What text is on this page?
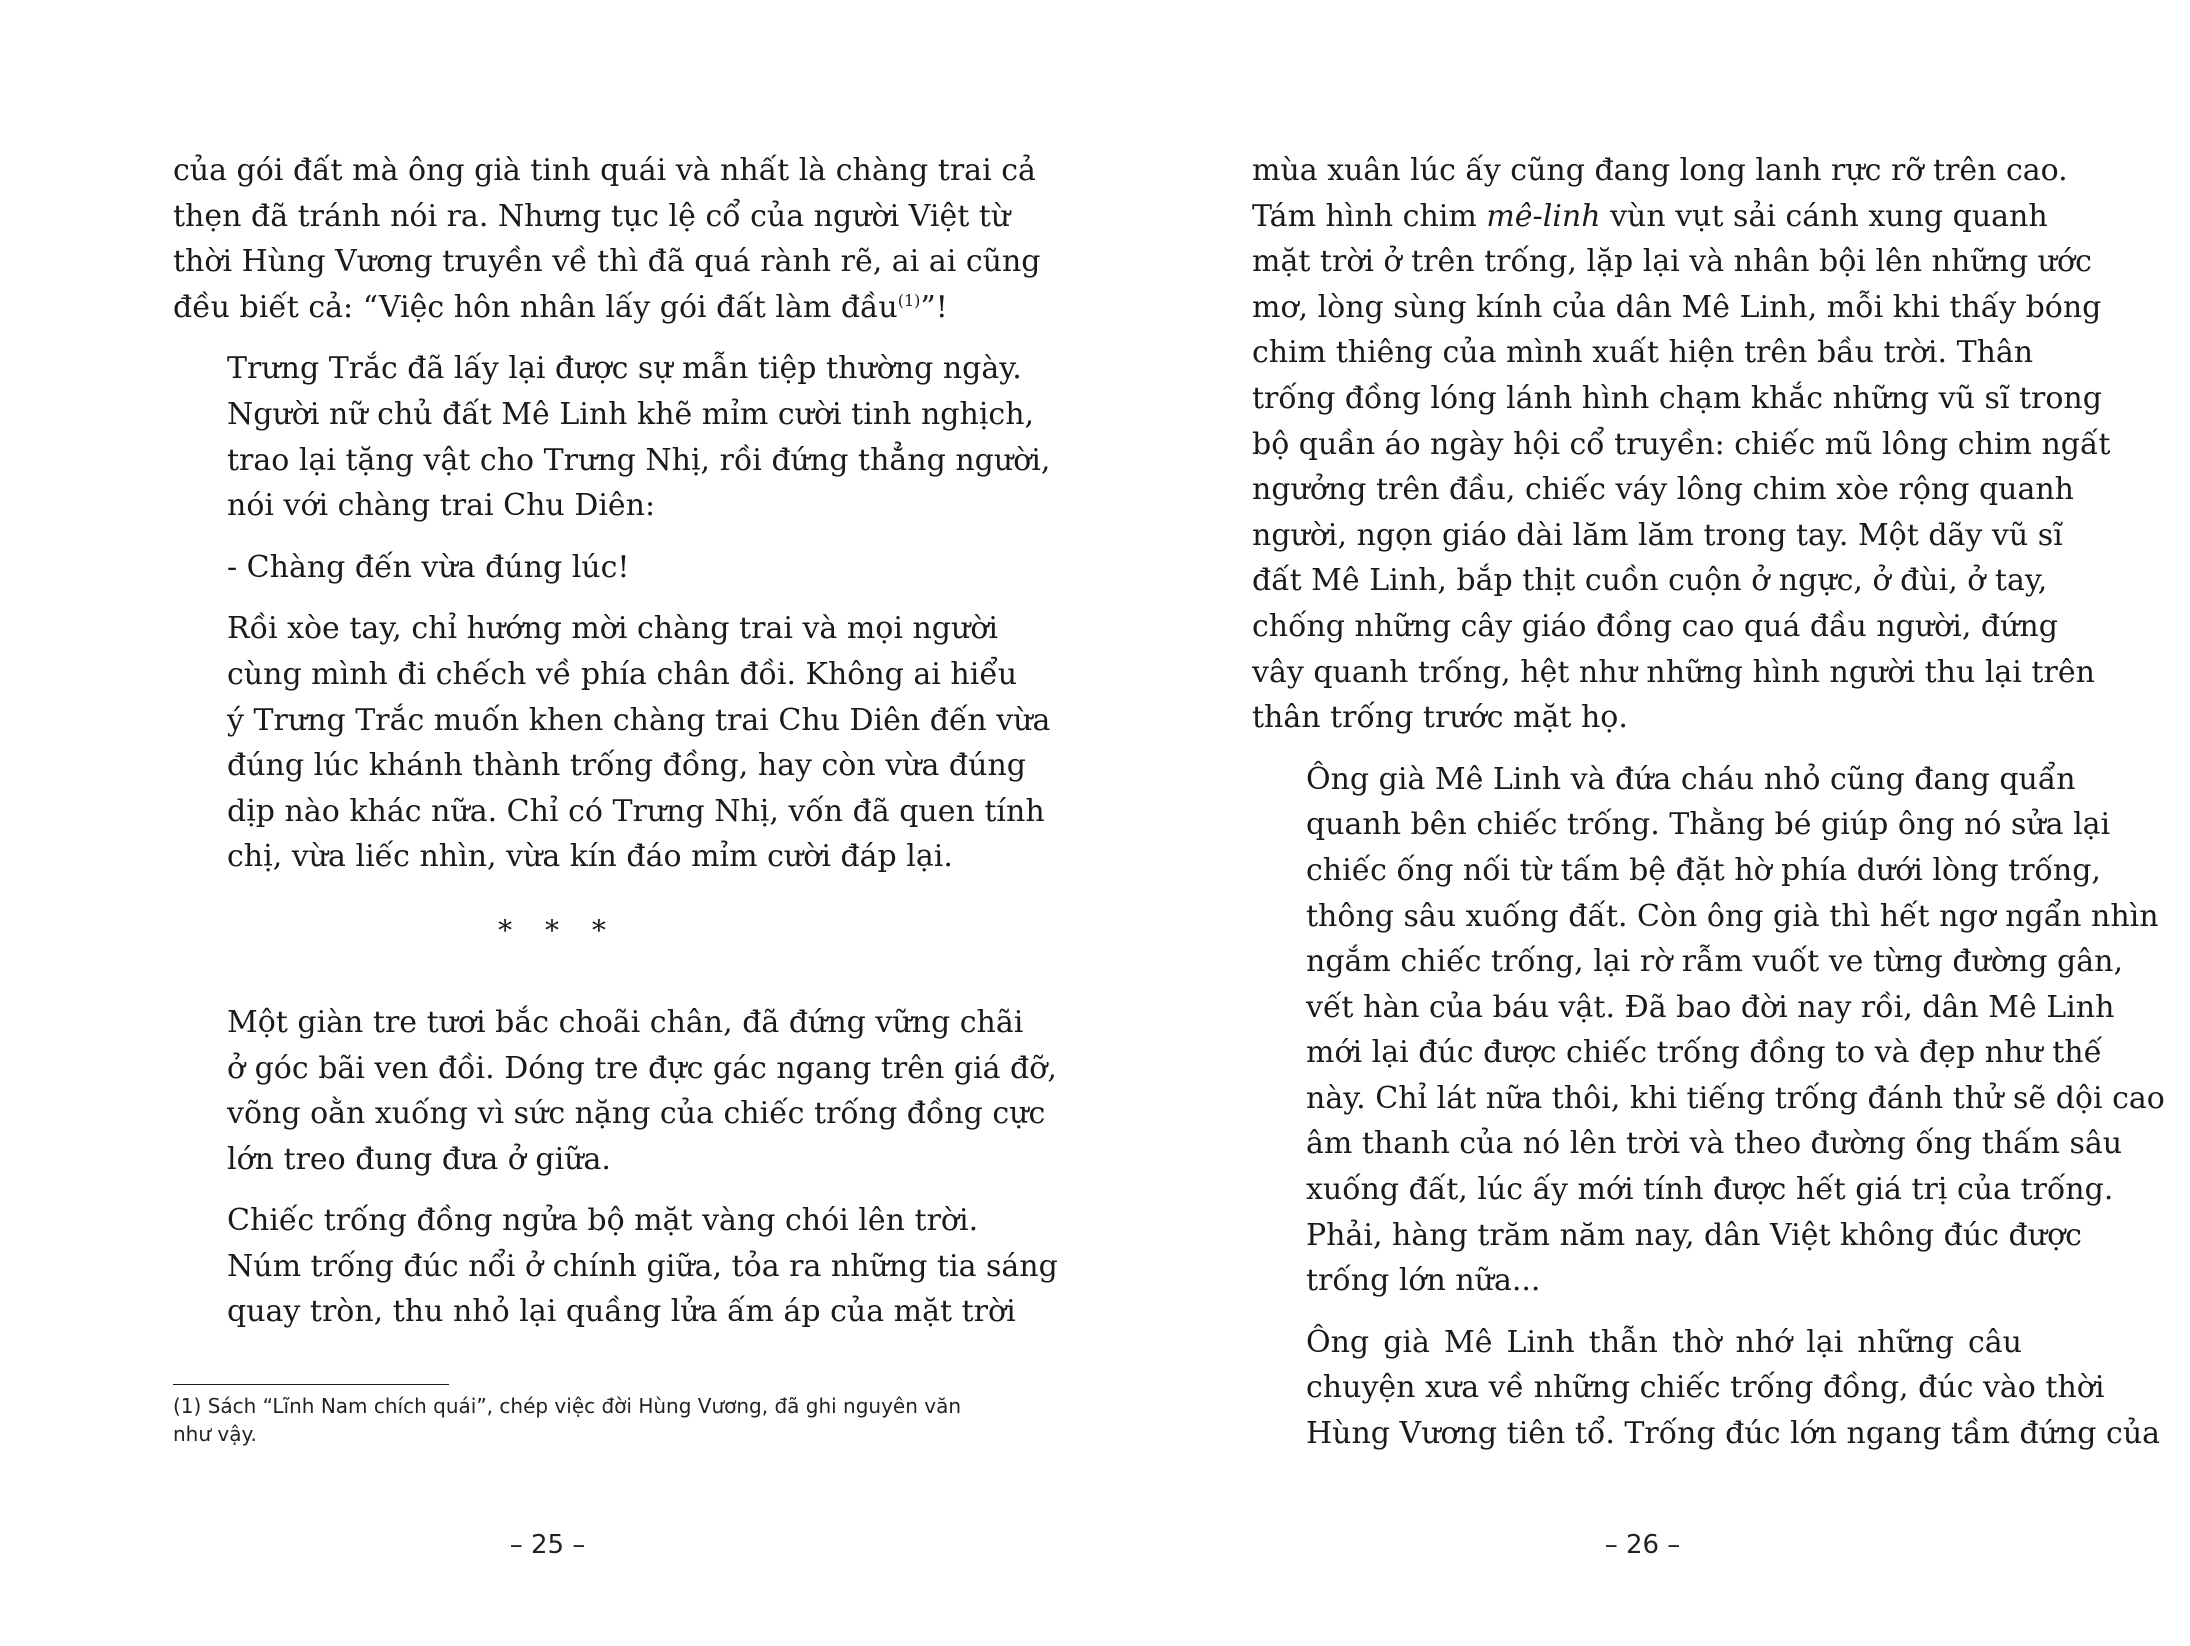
của gói đất mà ông già tinh quái và nhất là chàng trai cả
thẹn đã tránh nói ra. Nhưng tục lệ cổ của người Việt từ
thời Hùng Vương truyền về thì đã quá rành rẽ, ai ai cũng
đều biết cả: “Việc hôn nhân lấy gói đất làm đầu$^{(1)}$”!

Trưng Trắc đã lấy lại được sự mẫn tiệp thường ngày.
Người nữ chủ đất Mê Linh khẽ mỉm cười tinh nghịch,
trao lại tặng vật cho Trưng Nhị, rồi đứng thẳng người,
nói với chàng trai Chu Diên:

- Chàng đến vừa đúng lúc!

Rồi xòe tay, chỉ hướng mời chàng trai và mọi người
cùng mình đi chếch về phía chân đồi. Không ai hiểu
ý Trưng Trắc muốn khen chàng trai Chu Diên đến vừa
đúng lúc khánh thành trống đồng, hay còn vừa đúng
dịp nào khác nữa. Chỉ có Trưng Nhị, vốn đã quen tính
chị, vừa liếc nhìn, vừa kín đáo mỉm cười đáp lại.

* * *

Một giàn tre tươi bắc choãi chân, đã đứng vững chãi
ở góc bãi ven đồi. Dóng tre đực gác ngang trên giá đỡ,
võng oằn xuống vì sức nặng của chiếc trống đồng cực
lớn treo đung đưa ở giữa.

Chiếc trống đồng ngửa bộ mặt vàng chói lên trời.
Núm trống đúc nổi ở chính giữa, tỏa ra những tia sáng
quay tròn, thu nhỏ lại quầng lửa ấm áp của mặt trời

(1) Sách “Lĩnh Nam chích quái”, chép việc đời Hùng Vương, đã ghi nguyên văn
như vậy.
– 25 –

mùa xuân lúc ấy cũng đang long lanh rực rỡ trên cao.
Tám hình chim mê-linh vùn vụt sải cánh xung quanh
mặt trời ở trên trống, lặp lại và nhân bội lên những ước
mơ, lòng sùng kính của dân Mê Linh, mỗi khi thấy bóng
chim thiêng của mình xuất hiện trên bầu trời. Thân
trống đồng lóng lánh hình chạm khắc những vũ sĩ trong
bộ quần áo ngày hội cổ truyền: chiếc mũ lông chim ngất
ngưởng trên đầu, chiếc váy lông chim xòe rộng quanh
người, ngọn giáo dài lăm lăm trong tay. Một dãy vũ sĩ
đất Mê Linh, bắp thịt cuồn cuộn ở ngực, ở đùi, ở tay,
chống những cây giáo đồng cao quá đầu người, đứng
vây quanh trống, hệt như những hình người thu lại trên
thân trống trước mặt họ.

Ông già Mê Linh và đứa cháu nhỏ cũng đang quẩn
quanh bên chiếc trống. Thằng bé giúp ông nó sửa lại
chiếc ống nối từ tấm bệ đặt hờ phía dưới lòng trống,
thông sâu xuống đất. Còn ông già thì hết ngơ ngẩn nhìn
ngắm chiếc trống, lại rờ rẫm vuốt ve từng đường gân,
vết hàn của báu vật. Đã bao đời nay rồi, dân Mê Linh
mới lại đúc được chiếc trống đồng to và đẹp như thế
này. Chỉ lát nữa thôi, khi tiếng trống đánh thử sẽ dội cao
âm thanh của nó lên trời và theo đường ống thấm sâu
xuống đất, lúc ấy mới tính được hết giá trị của trống.
Phải, hàng trăm năm nay, dân Việt không đúc được
trống lớn nữa...

Ông già Mê Linh thẫn thờ nhớ lại những câu
chuyện xưa về những chiếc trống đồng, đúc vào thời
Hùng Vương tiên tổ. Trống đúc lớn ngang tầm đứng của

– 26 –
